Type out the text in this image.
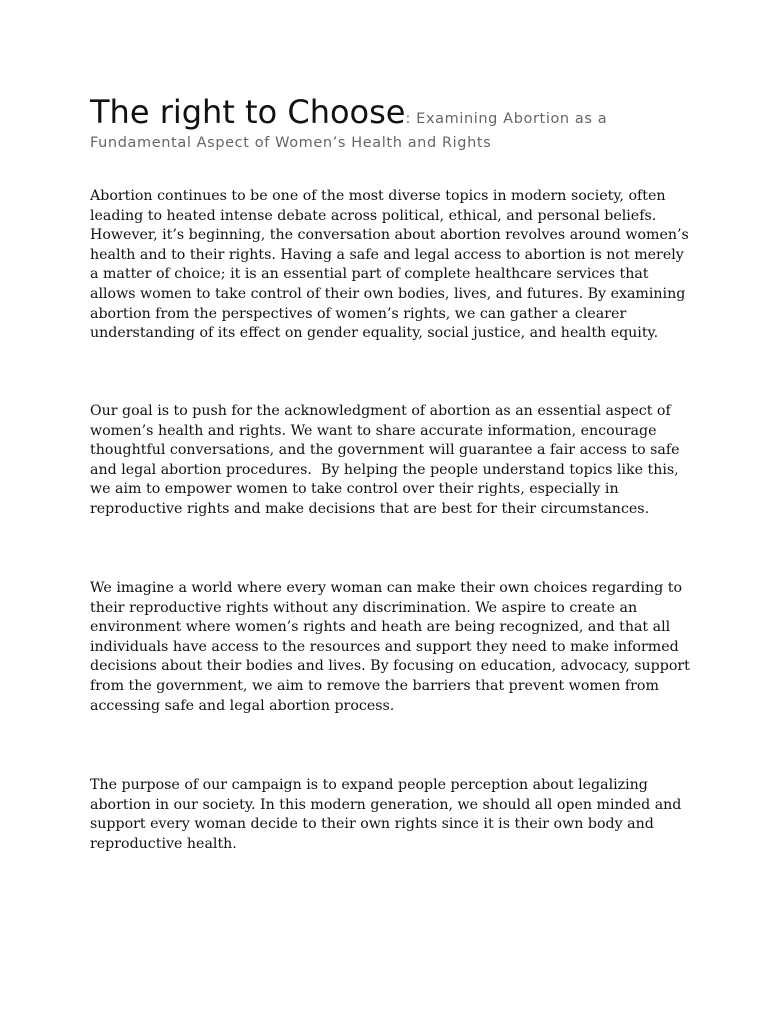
The right to Choose: Examining Abortion as a Fundamental Aspect of Women’s Health and Rights

Abortion continues to be one of the most diverse topics in modern society, often leading to heated intense debate across political, ethical, and personal beliefs. However, it’s beginning, the conversation about abortion revolves around women’s health and to their rights. Having a safe and legal access to abortion is not merely a matter of choice; it is an essential part of complete healthcare services that allows women to take control of their own bodies, lives, and futures. By examining abortion from the perspectives of women’s rights, we can gather a clearer understanding of its effect on gender equality, social justice, and health equity.

Our goal is to push for the acknowledgment of abortion as an essential aspect of women’s health and rights. We want to share accurate information, encourage thoughtful conversations, and the government will guarantee a fair access to safe and legal abortion procedures.  By helping the people understand topics like this, we aim to empower women to take control over their rights, especially in reproductive rights and make decisions that are best for their circumstances.

We imagine a world where every woman can make their own choices regarding to their reproductive rights without any discrimination. We aspire to create an environment where women’s rights and heath are being recognized, and that all individuals have access to the resources and support they need to make informed decisions about their bodies and lives. By focusing on education, advocacy, support from the government, we aim to remove the barriers that prevent women from accessing safe and legal abortion process.

The purpose of our campaign is to expand people perception about legalizing abortion in our society. In this modern generation, we should all open minded and support every woman decide to their own rights since it is their own body and reproductive health.
